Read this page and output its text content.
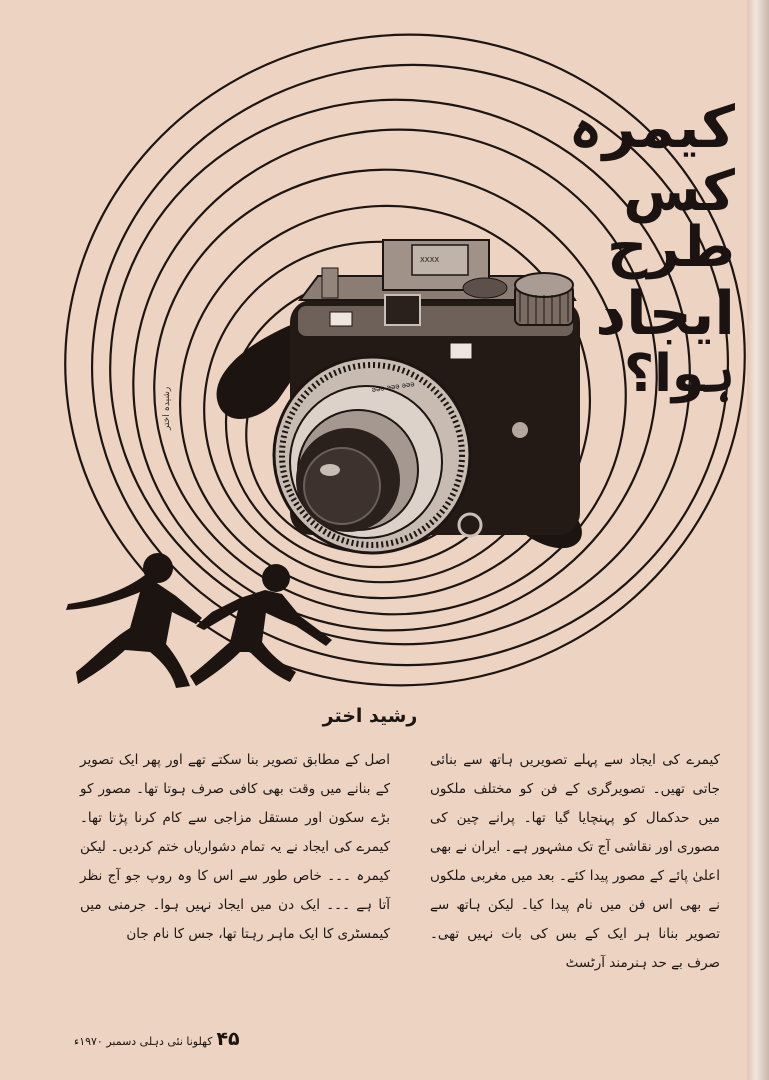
XXXX
ǝǝǝ ǝǝǝ ǝǝǝ
کیمرہ
کس طرح
ایجاد
ہوا؟
رشیدہ اختر
رشید اختر

کیمرے کی ایجاد سے پہلے تصویریں ہاتھ سے بنائی جاتی تھیں۔ تصویرگری کے فن کو مختلف ملکوں میں حدکمال کو پہنچایا گیا تھا۔ پرانے چین کی مصوری اور نقاشی آج تک مشہور ہے۔ ایران نے بھی اعلیٰ پائے کے مصور پیدا کئے۔ بعد میں مغربی ملکوں نے بھی اس فن میں نام پیدا کیا۔ لیکن ہاتھ سے تصویر بنانا ہر ایک کے بس کی بات نہیں تھی۔ صرف بے حد ہنرمند آرٹسٹ

اصل کے مطابق تصویر بنا سکتے تھے اور پھر ایک تصویر کے بنانے میں وقت بھی کافی صرف ہوتا تھا۔ مصور کو بڑے سکون اور مستقل مزاجی سے کام کرنا پڑتا تھا۔ کیمرے کی ایجاد نے یہ تمام دشواریاں ختم کردیں۔ لیکن کیمرہ ۔۔۔ خاص طور سے اس کا وہ روپ جو آج نظر آتا ہے ۔۔۔ ایک دن میں ایجاد نہیں ہوا۔ جرمنی میں کیمسٹری کا ایک ماہر رہتا تھا، جس کا نام جان

۴۵
کھلونا نئی دہلی دسمبر ۱۹۷۰ء
